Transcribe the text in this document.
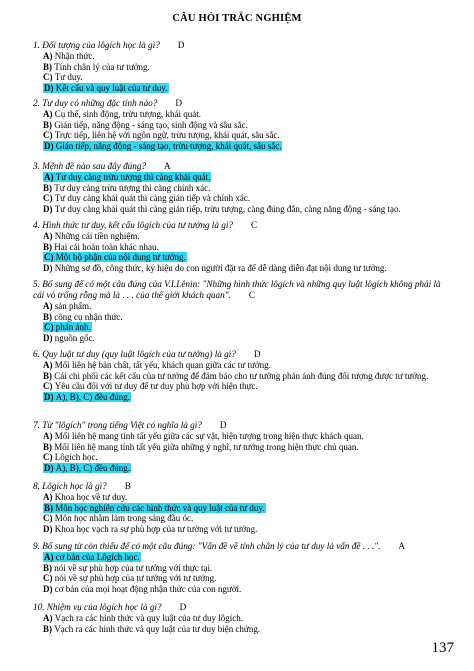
CÂU HỎI TRẮC NGHIỆM
1. Đối tượng của lôgích học là gì? D
A) Nhận thức.
B) Tính chân lý của tư tưởng.
C) Tư duy.
D) Kết cấu và quy luật của tư duy.
2. Tư duy có những đặc tính nào? D
A) Cụ thể, sinh động, trừu tượng, khái quát.
B) Gián tiếp, năng động - sáng tạo, sinh động và sâu sắc.
C) Trực tiếp, liên hệ với ngôn ngữ, trừu tượng, khái quát, sâu sắc.
D) Gián tiếp, năng động - sáng tạo, trừu tượng, khái quát, sâu sắc.
3. Mệnh đề nào sau đây đúng? A
A) Tư duy càng trừu tượng thì càng khái quát.
B) Tư duy càng trừu tượng thì càng chính xác.
C) Tư duy càng khái quát thì càng gián tiếp và chính xác.
D) Tư duy càng khái quát thì càng gián tiếp, trừu tượng, càng đúng đắn, càng năng động - sáng tạo.
4. Hình thức tư duy, kết cấu lôgích của tư tưởng là gì? C
A) Những cái tiền nghiệm.
B) Hai cái hoàn toàn khác nhau.
C) Một bộ phận của nội dung tư tưởng.
D) Những sơ đồ, công thức, ký hiệu do con người đặt ra để dễ dàng diễn đạt nội dung tư tưởng.
5. Bổ sung để có một câu đúng của V.I.Lênin: "Những hình thức lôgích và những quy luật lôgích không phải là cái vỏ trống rỗng mà là . . . của thế giới khách quan". C
A) sản phẩm.
B) công cụ nhận thức.
C) phản ánh.
D) nguồn gốc.
6. Quy luật tư duy (quy luật lôgích của tư tưởng) là gì? D
A) Mối liên hệ bản chất, tất yếu, khách quan giữa các tư tưởng.
B) Cái chi phối các kết cấu của tư tưởng để đảm bảo cho tư tưởng phản ánh đúng đối tượng được tư tưởng.
C) Yêu cầu đối với tư duy để tư duy phù hợp với hiện thực.
D) A), B), C) đều đúng.
7. Từ "lôgích" trong tiếng Việt có nghĩa là gì? D
A) Mối liên hệ mang tính tất yếu giữa các sự vật, hiện tượng trong hiện thực khách quan.
B) Mối liên hệ mang tính tất yếu giữa những ý nghĩ, tư tưởng trong hiện thực chủ quan.
C) Lôgích học.
D) A), B), C) đều đúng.
8. Lôgích học là gì? B
A) Khoa học về tư duy.
B) Môn học nghiên cứu các hình thức và quy luật của tư duy.
C) Môn học nhằm làm trong sáng đầu óc.
D) Khoa học vạch ra sự phù hợp của tư tưởng với tư tưởng.
9. Bổ sung từ còn thiếu để có một câu đúng: "Vấn đề về tính chân lý của tư duy là vấn đề . . .". A
A) cơ bản của Lôgích học.
B) nói về sự phù hợp của tư tưởng với thực tại.
C) nói về sự phù hợp của tư tưởng với tư tưởng.
D) cơ bản của mọi hoạt động nhận thức của con người.
10. Nhiệm vụ của lôgích học là gì? D
A) Vạch ra các hình thức và quy luật của tư duy lôgích.
B) Vạch ra các hình thức và quy luật của tư duy biện chứng.
137
